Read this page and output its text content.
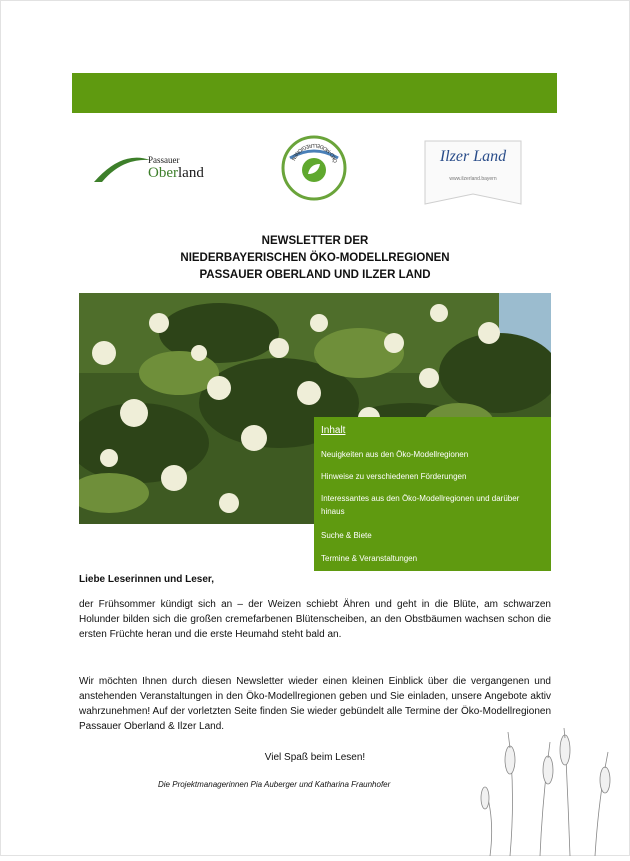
Passauer
Oberland
ÖKO-MODELLREGIONEN	Ilzer Land
www.ilzerland.bayern
NEWSLETTER DER
NIEDERBAYERISCHEN ÖKO-MODELLREGIONEN
PASSAUER OBERLAND UND ILZER LAND
Inhalt
Neuigkeiten aus den Öko-Modellregionen
Hinweise zu verschiedenen Förderungen
Interessantes aus den Öko-Modellregionen und darüber hinaus
Suche & Biete
Termine & Veranstaltungen
Liebe Leserinnen und Leser,
der Frühsommer kündigt sich an – der Weizen schiebt Ähren und geht in die Blüte, am schwarzen Holunder bilden sich die großen cremefarbenen Blütenscheiben, an den Obstbäumen wachsen schon die ersten Früchte heran und die erste Heumahd steht bald an.
Wir möchten Ihnen durch diesen Newsletter wieder einen kleinen Einblick über die vergangenen und anstehenden Veranstaltungen in den Öko-Modellregionen geben und Sie einladen, unsere Angebote aktiv wahrzunehmen! Auf der vorletzten Seite finden Sie wieder gebündelt alle Termine der Öko-Modellregionen Passauer Oberland & Ilzer Land.
Viel Spaß beim Lesen!
Die Projektmanagerinnen Pia Auberger und Katharina Fraunhofer
